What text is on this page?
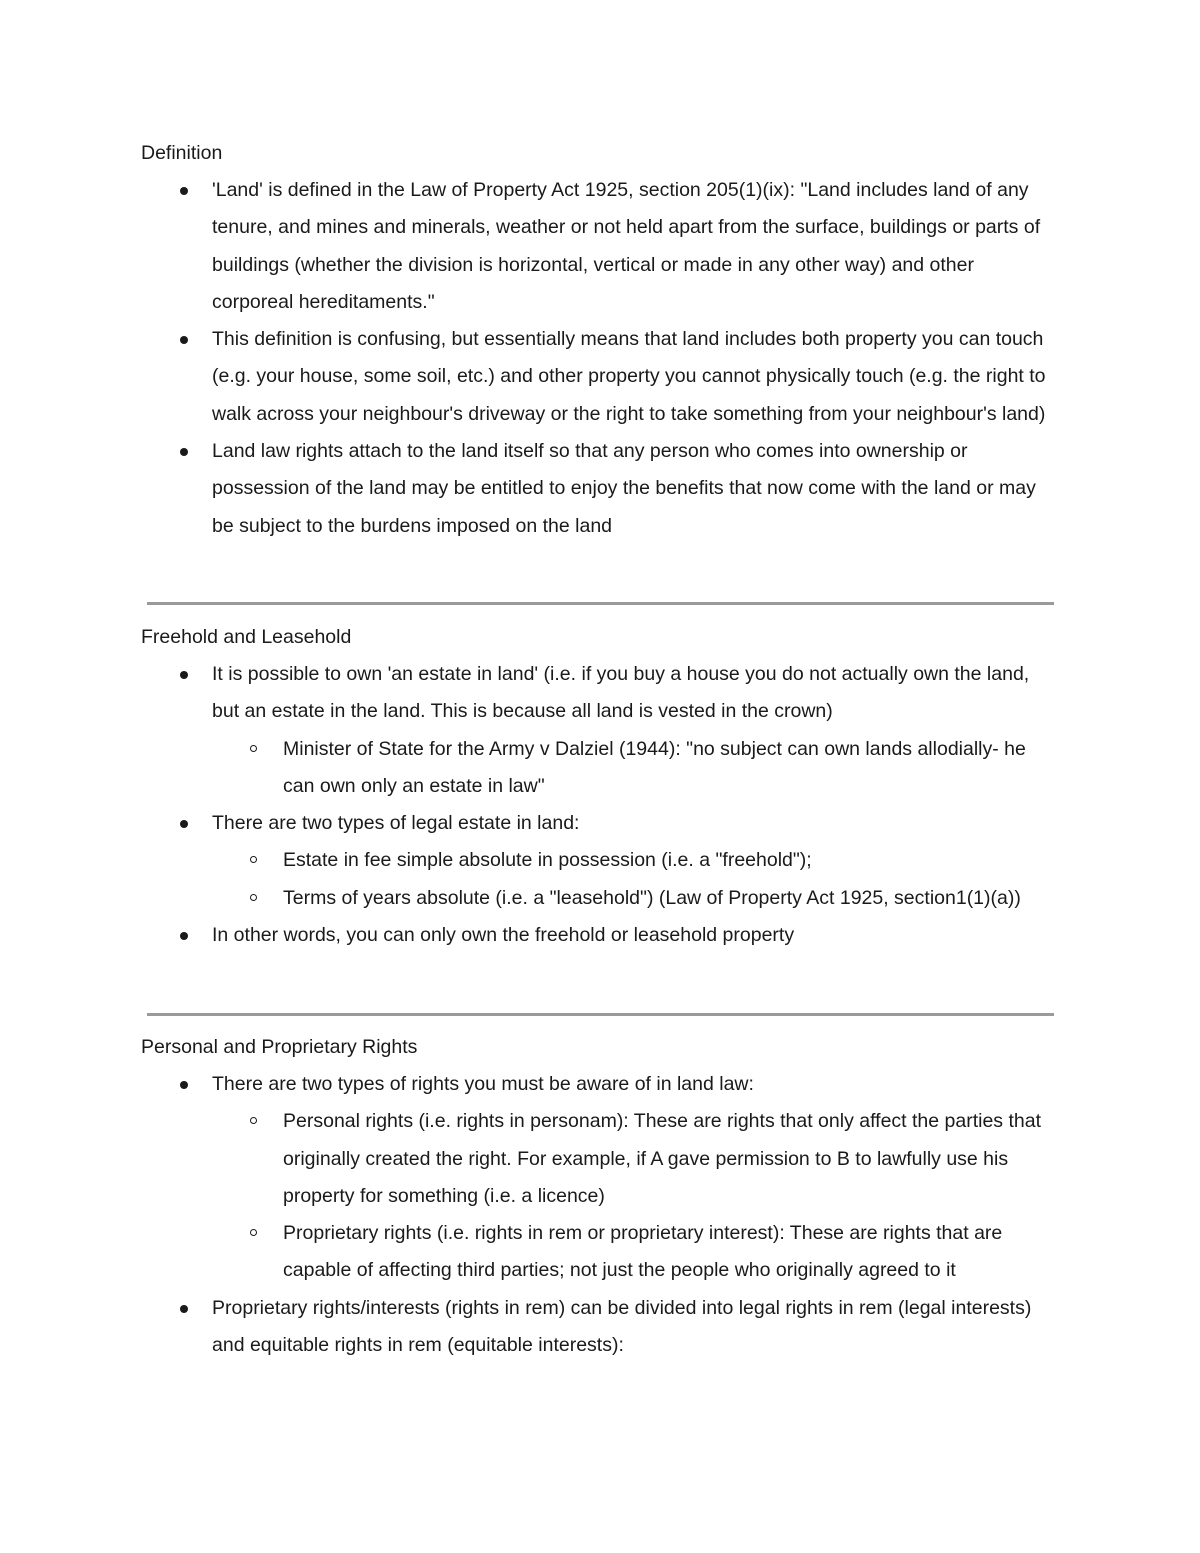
Definition
'Land' is defined in the Law of Property Act 1925, section 205(1)(ix): "Land includes land of any tenure, and mines and minerals, weather or not held apart from the surface, buildings or parts of buildings (whether the division is horizontal, vertical or made in any other way) and other corporeal hereditaments."
This definition is confusing, but essentially means that land includes both property you can touch (e.g. your house, some soil, etc.) and other property you cannot physically touch (e.g. the right to walk across your neighbour's driveway or the right to take something from your neighbour's land)
Land law rights attach to the land itself so that any person who comes into ownership or possession of the land may be entitled to enjoy the benefits that now come with the land or may be subject to the burdens imposed on the land
Freehold and Leasehold
It is possible to own 'an estate in land' (i.e. if you buy a house you do not actually own the land, but an estate in the land. This is because all land is vested in the crown)
Minister of State for the Army v Dalziel (1944): "no subject can own lands allodially- he can own only an estate in law"
There are two types of legal estate in land:
Estate in fee simple absolute in possession (i.e. a "freehold");
Terms of years absolute (i.e. a "leasehold") (Law of Property Act 1925, section1(1)(a))
In other words, you can only own the freehold or leasehold property
Personal and Proprietary Rights
There are two types of rights you must be aware of in land law:
Personal rights (i.e. rights in personam): These are rights that only affect the parties that originally created the right. For example, if A gave permission to B to lawfully use his property for something (i.e. a licence)
Proprietary rights (i.e. rights in rem or proprietary interest): These are rights that are capable of affecting third parties; not just the people who originally agreed to it
Proprietary rights/interests (rights in rem) can be divided into legal rights in rem (legal interests) and equitable rights in rem (equitable interests):
